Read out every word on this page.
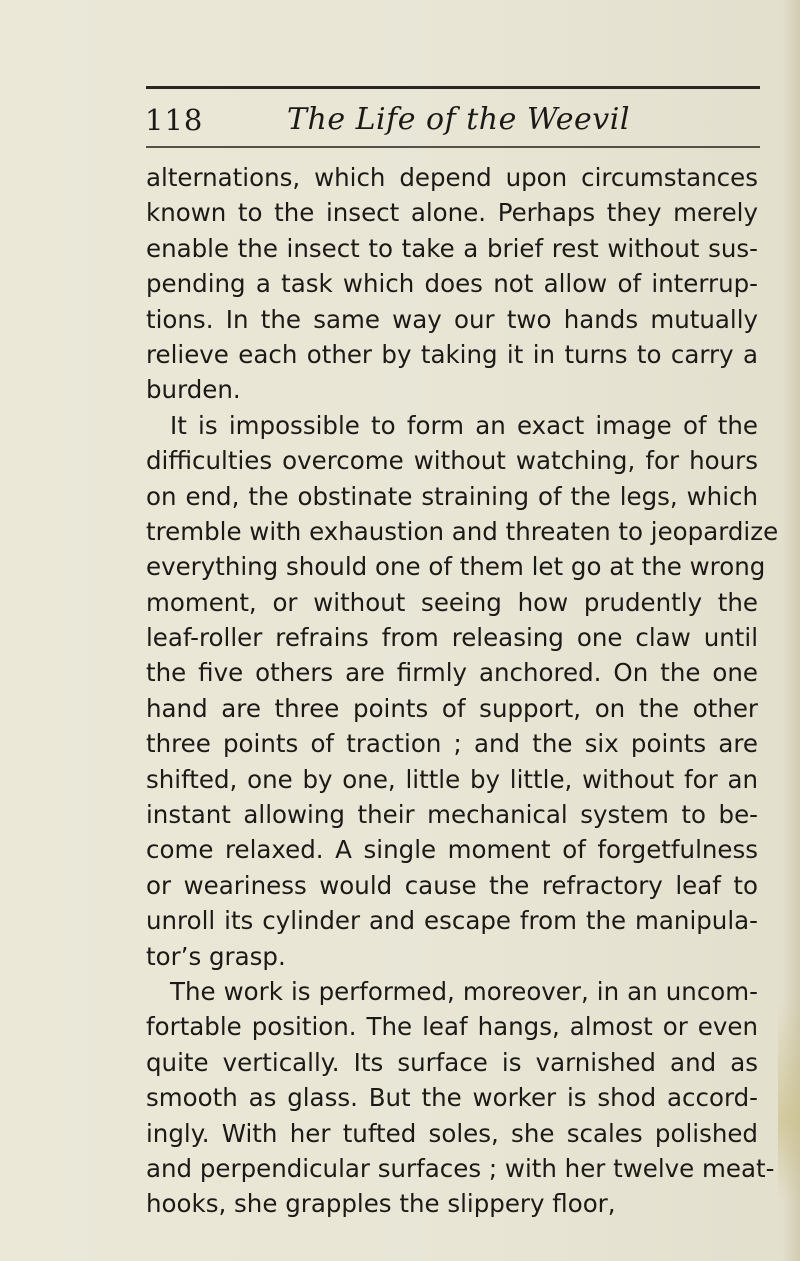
118	The Life of the Weevil
alternations, which depend upon circumstances
known to the insect alone. Perhaps they merely
enable the insect to take a brief rest without sus-
pending a task which does not allow of interrup-
tions. In the same way our two hands mutually
relieve each other by taking it in turns to carry a
burden.
It is impossible to form an exact image of the
difficulties overcome without watching, for hours
on end, the obstinate straining of the legs, which
tremble with exhaustion and threaten to jeopardize
everything should one of them let go at the wrong
moment, or without seeing how prudently the
leaf-roller refrains from releasing one claw until
the five others are firmly anchored. On the one
hand are three points of support, on the other
three points of traction ; and the six points are
shifted, one by one, little by little, without for an
instant allowing their mechanical system to be-
come relaxed. A single moment of forgetfulness
or weariness would cause the refractory leaf to
unroll its cylinder and escape from the manipula-
tor’s grasp.
The work is performed, moreover, in an uncom-
fortable position. The leaf hangs, almost or even
quite vertically. Its surface is varnished and as
smooth as glass. But the worker is shod accord-
ingly. With her tufted soles, she scales polished
and perpendicular surfaces ; with her twelve meat-
hooks, she grapples the slippery floor,
